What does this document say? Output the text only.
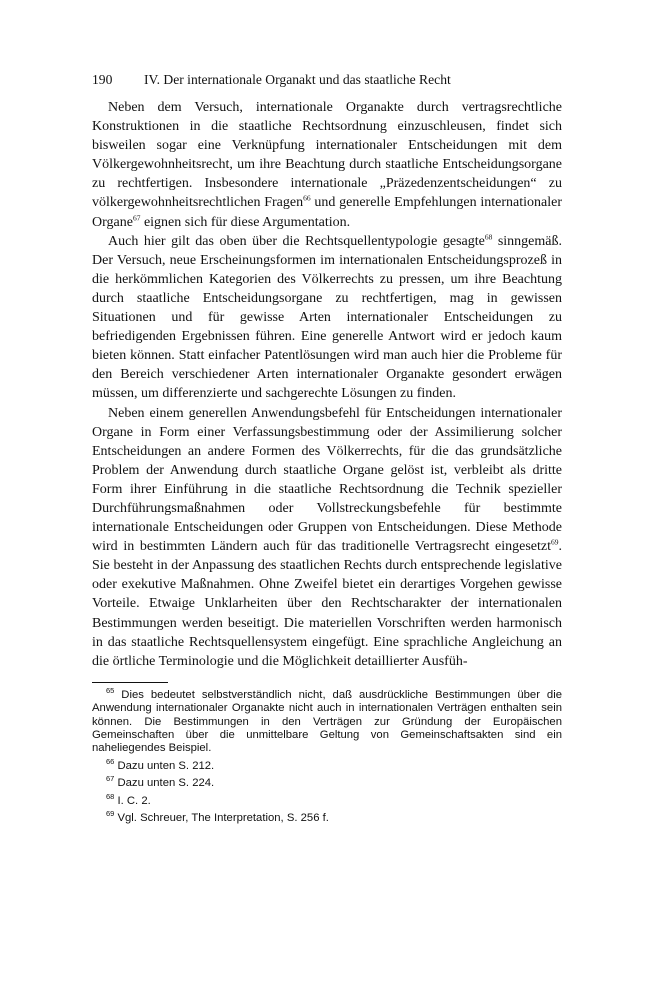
190 IV. Der internationale Organakt und das staatliche Recht

Neben dem Versuch, internationale Organakte durch vertragsrechtliche Konstruktionen in die staatliche Rechtsordnung einzuschleusen, findet sich bisweilen sogar eine Verknüpfung internationaler Entscheidungen mit dem Völkergewohnheitsrecht, um ihre Beachtung durch staatliche Entscheidungsorgane zu rechtfertigen. Insbesondere internationale „Präzedenzentscheidungen“ zu völkergewohnheitsrechtlichen Fragen$^{66}$ und generelle Empfehlungen internationaler Organe$^{67}$ eignen sich für diese Argumentation.

Auch hier gilt das oben über die Rechtsquellentypologie gesagte$^{68}$ sinngemäß. Der Versuch, neue Erscheinungsformen im internationalen Entscheidungsprozeß in die herkömmlichen Kategorien des Völkerrechts zu pressen, um ihre Beachtung durch staatliche Entscheidungsorgane zu rechtfertigen, mag in gewissen Situationen und für gewisse Arten internationaler Entscheidungen zu befriedigenden Ergebnissen führen. Eine generelle Antwort wird er jedoch kaum bieten können. Statt einfacher Patentlösungen wird man auch hier die Probleme für den Bereich verschiedener Arten internationaler Organakte gesondert erwägen müssen, um differenzierte und sachgerechte Lösungen zu finden.

Neben einem generellen Anwendungsbefehl für Entscheidungen internationaler Organe in Form einer Verfassungsbestimmung oder der Assimilierung solcher Entscheidungen an andere Formen des Völkerrechts, für die das grundsätzliche Problem der Anwendung durch staatliche Organe gelöst ist, verbleibt als dritte Form ihrer Einführung in die staatliche Rechtsordnung die Technik spezieller Durchführungsmaßnahmen oder Vollstreckungsbefehle für bestimmte internationale Entscheidungen oder Gruppen von Entscheidungen. Diese Methode wird in bestimmten Ländern auch für das traditionelle Vertragsrecht eingesetzt$^{69}$. Sie besteht in der Anpassung des staatlichen Rechts durch entsprechende legislative oder exekutive Maßnahmen. Ohne Zweifel bietet ein derartiges Vorgehen gewisse Vorteile. Etwaige Unklarheiten über den Rechtscharakter der internationalen Bestimmungen werden beseitigt. Die materiellen Vorschriften werden harmonisch in das staatliche Rechtsquellensystem eingefügt. Eine sprachliche Angleichung an die örtliche Terminologie und die Möglichkeit detaillierter Ausfüh-

$^{65}$ Dies bedeutet selbstverständlich nicht, daß ausdrückliche Bestimmungen über die Anwendung internationaler Organakte nicht auch in internationalen Verträgen enthalten sein können. Die Bestimmungen in den Verträgen zur Gründung der Europäischen Gemeinschaften über die unmittelbare Geltung von Gemeinschaftsakten sind ein naheliegendes Beispiel.

$^{66}$ Dazu unten S. 212.

$^{67}$ Dazu unten S. 224.

$^{68}$ I. C. 2.

$^{69}$ Vgl. Schreuer, The Interpretation, S. 256 f.
